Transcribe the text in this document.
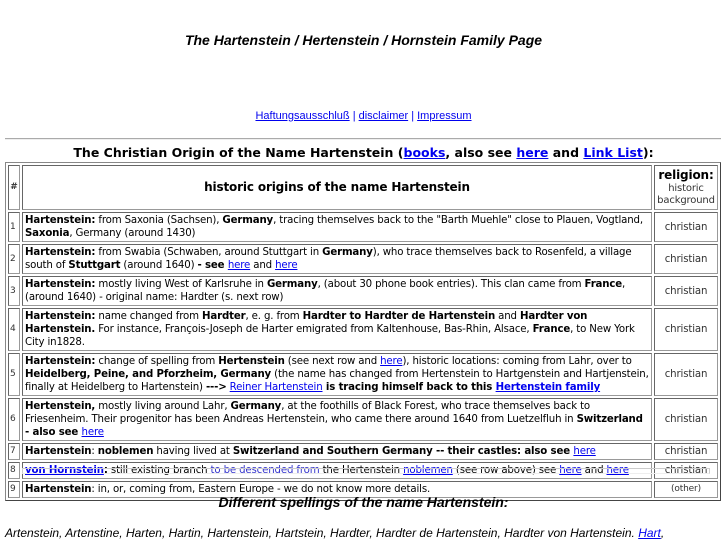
The Hartenstein / Hertenstein / Hornstein Family Page
Haftungsausschluß | disclaimer | Impressum
The Christian Origin of the Name Hartenstein (books, also see here and Link List):
#	historic origins of the name Hartenstein	religion:
historic background
1	Hartenstein: from Saxonia (Sachsen), Germany, tracing themselves back to the "Barth Muehle" close to Plauen, Vogtland, Saxonia, Germany (around 1430)	christian
2	Hartenstein: from Swabia (Schwaben, around Stuttgart in Germany), who trace themselves back to Rosenfeld, a village south of Stuttgart (around 1640) - see here and here	christian
3	Hartenstein: mostly living West of Karlsruhe in Germany, (about 30 phone book entries). This clan came from France, (around 1640) - original name: Hardter (s. next row)	christian
4	Hartenstein: name changed from Hardter, e. g. from Hardter to Hardter de Hartenstein and Hardter von Hartenstein. For instance, François-Joseph de Harter emigrated from Kaltenhouse, Bas-Rhin, Alsace, France, to New York City in1828.	christian
5	Hartenstein: change of spelling from Hertenstein (see next row and here), historic locations: coming from Lahr, over to Heidelberg, Peine, and Pforzheim, Germany (the name has changed from Hertenstein to Hartgenstein and Hartjenstein, finally at Heidelberg to Hartenstein) ---> Reiner Hartenstein is tracing himself back to this Hertenstein family	christian
6	Hertenstein, mostly living around Lahr, Germany, at the foothills of Black Forest, who trace themselves back to Friesenheim. Their progenitor has been Andreas Hertenstein, who came there around 1640 from Luetzelfluh in Switzerland - also see here	christian
7	Hartenstein: noblemen having lived at Switzerland and Southern Germany -- their castles: also see here	christian
8	von Hornstein: still existing branch to be descended from the Hertenstein noblemen (see row above) see here and here	christian
9	Hartenstein: in, or, coming from, Eastern Europe - we do not know more details.	(other)
Different spellings of the name Hartenstein:
Artenstein, Artenstine, Harten, Hartin, Hartenstein, Hartstein, Hardter, Hardter de Hartenstein, Hardter von Hartenstein. Hart,
